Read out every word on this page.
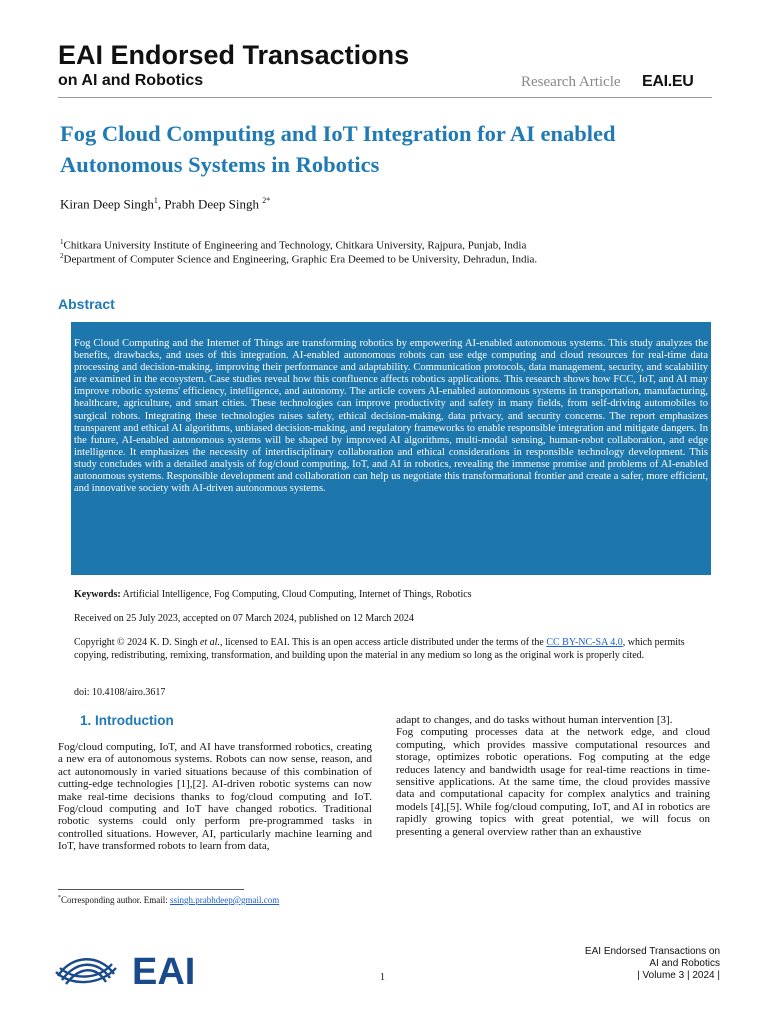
EAI Endorsed Transactions
on AI and Robotics	Research Article EAI.EU
Fog Cloud Computing and IoT Integration for AI enabled Autonomous Systems in Robotics
Kiran Deep Singh$^1$, Prabh Deep Singh $^{2*}$
$^1$Chitkara University Institute of Engineering and Technology, Chitkara University, Rajpura, Punjab, India
$^2$Department of Computer Science and Engineering, Graphic Era Deemed to be University, Dehradun, India.
Abstract

Fog Cloud Computing and the Internet of Things are transforming robotics by empowering AI-enabled autonomous systems. This study analyzes the benefits, drawbacks, and uses of this integration. AI-enabled autonomous robots can use edge computing and cloud resources for real-time data processing and decision-making, improving their performance and adaptability. Communication protocols, data management, security, and scalability are examined in the ecosystem. Case studies reveal how this confluence affects robotics applications. This research shows how FCC, IoT, and AI may improve robotic systems' efficiency, intelligence, and autonomy. The article covers AI-enabled autonomous systems in transportation, manufacturing, healthcare, agriculture, and smart cities. These technologies can improve productivity and safety in many fields, from self-driving automobiles to surgical robots. Integrating these technologies raises safety, ethical decision-making, data privacy, and security concerns. The report emphasizes transparent and ethical AI algorithms, unbiased decision-making, and regulatory frameworks to enable responsible integration and mitigate dangers. In the future, AI-enabled autonomous systems will be shaped by improved AI algorithms, multi-modal sensing, human-robot collaboration, and edge intelligence. It emphasizes the necessity of interdisciplinary collaboration and ethical considerations in responsible technology development. This study concludes with a detailed analysis of fog/cloud computing, IoT, and AI in robotics, revealing the immense promise and problems of AI-enabled autonomous systems. Responsible development and collaboration can help us negotiate this transformational frontier and create a safer, more efficient, and innovative society with AI-driven autonomous systems.

Keywords: Artificial Intelligence, Fog Computing, Cloud Computing, Internet of Things, Robotics
Received on 25 July 2023, accepted on 07 March 2024, published on 12 March 2024
Copyright © 2024 K. D. Singh et al., licensed to EAI. This is an open access article distributed under the terms of the CC BY-NC-SA 4.0, which permits copying, redistributing, remixing, transformation, and building upon the material in any medium so long as the original work is properly cited.
doi: 10.4108/airo.3617
1. Introduction

Fog/cloud computing, IoT, and AI have transformed robotics, creating a new era of autonomous systems. Robots can now sense, reason, and act autonomously in varied situations because of this combination of cutting-edge technologies [1],[2]. AI-driven robotic systems can now make real-time decisions thanks to fog/cloud computing and IoT. Fog/cloud computing and IoT have changed robotics. Traditional robotic systems could only perform pre-programmed tasks in controlled situations. However, AI, particularly machine learning and IoT, have transformed robots to learn from data,

adapt to changes, and do tasks without human intervention [3].

Fog computing processes data at the network edge, and cloud computing, which provides massive computational resources and storage, optimizes robotic operations. Fog computing at the edge reduces latency and bandwidth usage for real-time reactions in time-sensitive applications. At the same time, the cloud provides massive data and computational capacity for complex analytics and training models [4],[5]. While fog/cloud computing, IoT, and AI in robotics are rapidly growing topics with great potential, we will focus on presenting a general overview rather than an exhaustive

*Corresponding author. Email: ssingh.prabhdeep@gmail.com
EAI	1
EAI Endorsed Transactions on
AI and Robotics
| Volume 3 | 2024 |
